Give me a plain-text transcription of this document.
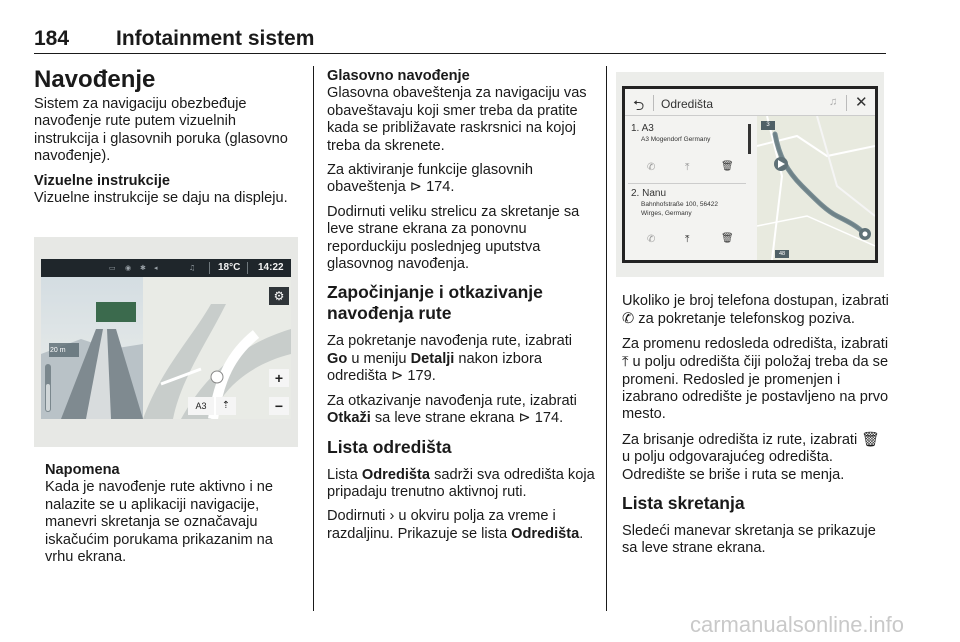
184 Infotainment sistem
Navođenje

Sistem za navigaciju obezbeđuje navođenje rute putem vizuelnih instrukcija i glasovnih poruka (glasovno navođenje).

Vizuelne instrukcije

Vizuelne instrukcije se daju na displeju.

▭ ◉ ✱ ◂	♫ 18°C 14:22
20 m
⚙
+
−
A3	⇡
Napomena

Kada je navođenje rute aktivno i ne nalazite se u aplikaciji navigacije, manevri skretanja se označavaju iskačućim porukama prikazanim na vrhu ekrana.

Glasovno navođenje

Glasovna obaveštenja za navigaciju vas obaveštavaju koji smer treba da pratite kada se približavate raskrsnici na kojoj treba da skrenete.

Za aktiviranje funkcije glasovnih obaveštenja ⊳ 174.

Dodirnuti veliku strelicu za skretanje sa leve strane ekrana za ponovnu reporduckiju poslednjeg uputstva glasovnog navođenja.

Započinjanje i otkazivanje navođenja rute

Za pokretanje navođenja rute, izabrati Go u meniju Detalji nakon izbora odredišta ⊳ 179.

Za otkazivanje navođenja rute, izabrati Otkaži sa leve strane ekrana ⊳ 174.

Lista odredišta

Lista Odredišta sadrži sva odredišta koja pripadaju trenutno aktivnoj ruti.

Dodirnuti › u okviru polja za vreme i razdaljinu. Prikazuje se lista Odredišta.

⮌ Odredišta	♫ ✕
1. A3
A3 Mogendorf Germany
✆	⤒	🗑
2. Nanu
Bahnhofstraße 100, 56422
Wirges, Germany
✆	⤒	🗑
3
48

Ukoliko je broj telefona dostupan, izabrati ✆ za pokretanje telefonskog poziva.

Za promenu redosleda odredišta, izabrati ⤒ u polju odredišta čiji položaj treba da se promeni. Redosled je promenjen i izabrano odredište je postavljeno na prvo mesto.

Za brisanje odredišta iz rute, izabrati 🗑 u polju odgovarajućeg odredišta. Odredište se briše i ruta se menja.

Lista skretanja

Sledeći manevar skretanja se prikazuje sa leve strane ekrana.

carmanualsonline.info
